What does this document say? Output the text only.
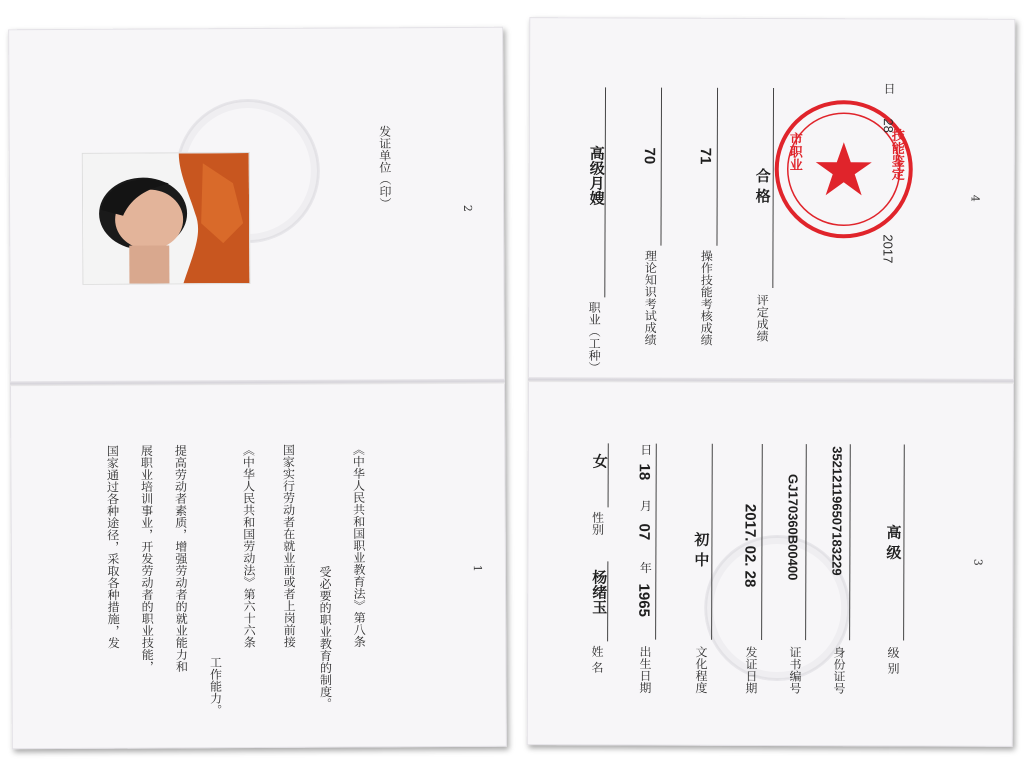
发证单位（印）	2
国家通过各种途径，采取各种措施，发 展职业培训事业，开发劳动者的职业技能， 提高劳动者素质，增强劳动者的就业能力和
工作能力。
《中华人民共和国劳动法》第六十六条 国家实行劳动者在就业前或者上岗前接 受必要的职业教育的制度。 《中华人民共和国职业教育法》第八条	1
职业（工种）
高级月嫂
理论知识考试成绩
70
操作技能考核成绩
71
评定成绩
合 格
市职业	技能鉴定
2017
28
日
4
姓 名
杨绪玉
性别
女
出生日期
1965
年
07
月
18
日
文化程度
初 中
发证日期
2017. 02. 28
证书编号
GJ170360B00400
身份证号
352121196507183229
级 别
高 级
3
